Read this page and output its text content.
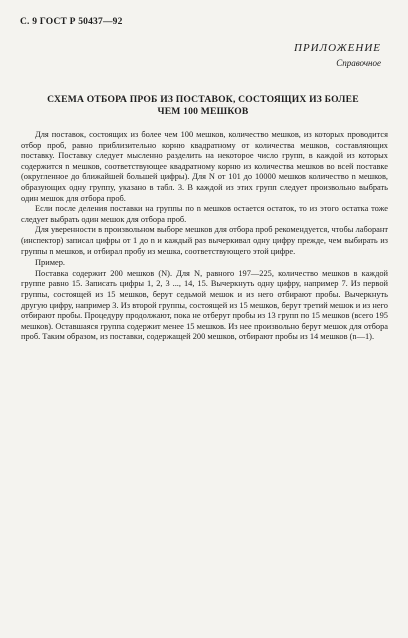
С. 9 ГОСТ Р 50437—92
ПРИЛОЖЕНИЕ
Справочное
СХЕМА ОТБОРА ПРОБ ИЗ ПОСТАВОК, СОСТОЯЩИХ ИЗ БОЛЕЕ
ЧЕМ 100 МЕШКОВ

Для поставок, состоящих из более чем 100 мешков, количество мешков, из которых проводится отбор проб, равно приблизительно корню квадратному от количества мешков, составляющих поставку. Поставку следует мысленно разделить на некоторое число групп, в каждой из которых содержится n мешков, соответствующее квадратному корню из количества мешков во всей поставке (округленное до ближайшей большей цифры). Для N от 101 до 10000 мешков количество n мешков, образующих одну группу, указано в табл. 3. В каждой из этих групп следует произвольно выбрать один мешок для отбора проб.

Если после деления поставки на группы по n мешков остается остаток, то из этого остатка тоже следует выбрать один мешок для отбора проб.

Для уверенности в произвольном выборе мешков для отбора проб рекомендуется, чтобы лаборант (инспектор) записал цифры от 1 до n и каждый раз вычеркивал одну цифру прежде, чем выбирать из группы n мешков, и отбирал пробу из мешка, соответствующего этой цифре.

Пример.

Поставка содержит 200 мешков (N). Для N, равного 197—225, количество мешков в каждой группе равно 15. Записать цифры 1, 2, 3 ..., 14, 15. Вычеркнуть одну цифру, например 7. Из первой группы, состоящей из 15 мешков, берут седьмой мешок и из него отбирают пробы. Вычеркнуть другую цифру, например 3. Из второй группы, состоящей из 15 мешков, берут третий мешок и из него отбирают пробы. Процедуру продолжают, пока не отберут пробы из 13 групп по 15 мешков (всего 195 мешков). Оставшаяся группа содержит менее 15 мешков. Из нее произвольно берут мешок для отбора проб. Таким образом, из поставки, содержащей 200 мешков, отбирают пробы из 14 мешков (n—1).
